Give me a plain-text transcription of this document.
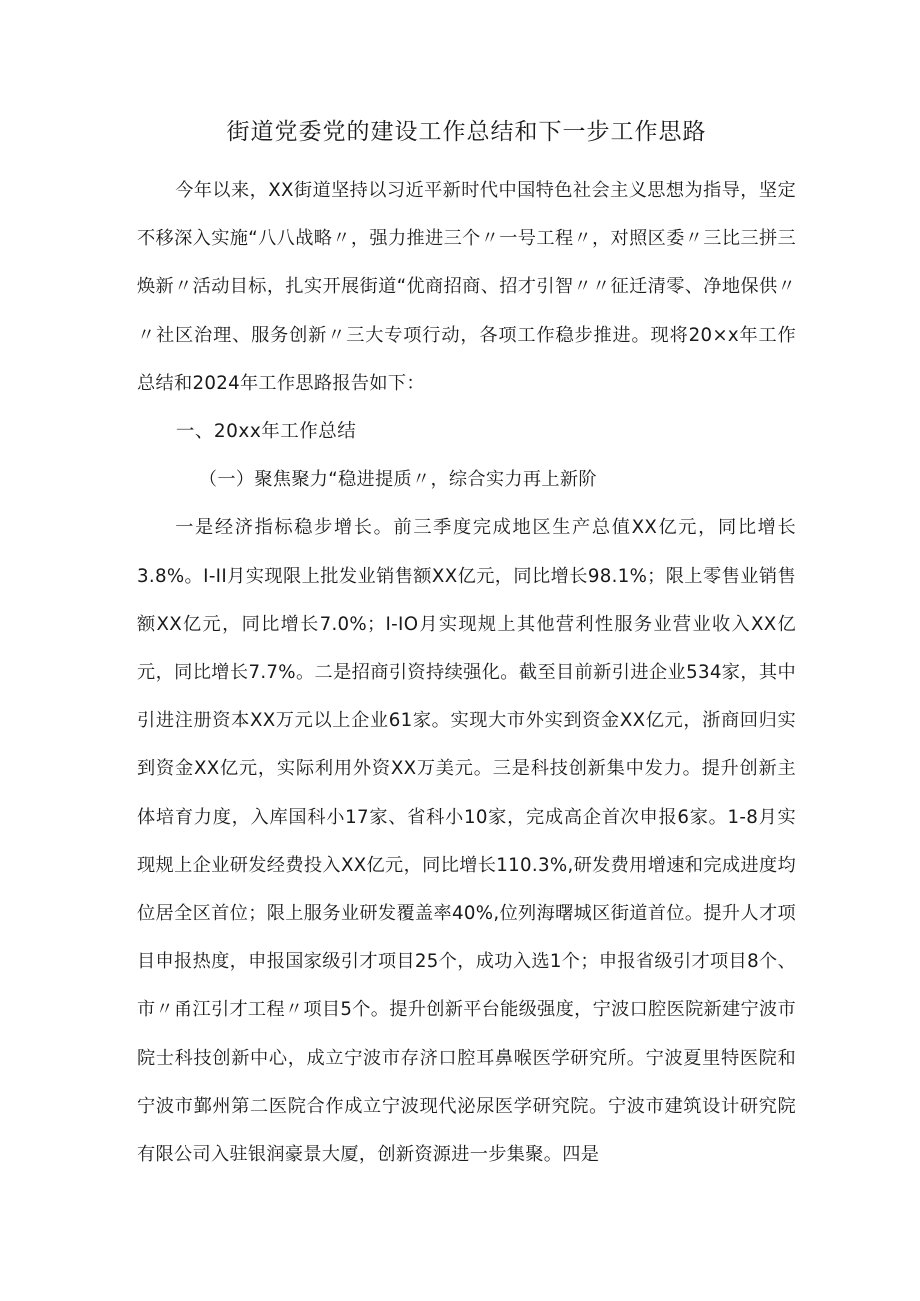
街道党委党的建设工作总结和下一步工作思路

今年以来，XX街道坚持以习近平新时代中国特色社会主义思想为指导，坚定不移深入实施“八八战略〃，强力推进三个〃一号工程〃，对照区委〃三比三拼三焕新〃活动目标，扎实开展街道“优商招商、招才引智〃〃征迁清零、净地保供〃〃社区治理、服务创新〃三大专项行动，各项工作稳步推进。现将20×x年工作总结和2024年工作思路报告如下：

一、20xx年工作总结

（一）聚焦聚力“稳进提质〃，综合实力再上新阶

一是经济指标稳步增长。前三季度完成地区生产总值XX亿元，同比增长3.8%。I-II月实现限上批发业销售额XX亿元，同比增长98.1%；限上零售业销售额XX亿元，同比增长7.0%；I-IO月实现规上其他营利性服务业营业收入XX亿元，同比增长7.7%。二是招商引资持续强化。截至目前新引进企业534家，其中引进注册资本XX万元以上企业61家。实现大市外实到资金XX亿元，浙商回归实到资金XX亿元，实际利用外资XX万美元。三是科技创新集中发力。提升创新主体培育力度，入库国科小17家、省科小10家，完成高企首次申报6家。1-8月实现规上企业研发经费投入XX亿元，同比增长110.3%,研发费用增速和完成进度均位居全区首位；限上服务业研发覆盖率40%,位列海曙城区街道首位。提升人才项目申报热度，申报国家级引才项目25个，成功入选1个；申报省级引才项目8个、市〃甬江引才工程〃项目5个。提升创新平台能级强度，宁波口腔医院新建宁波市院士科技创新中心，成立宁波市存济口腔耳鼻喉医学研究所。宁波夏里特医院和宁波市鄞州第二医院合作成立宁波现代泌尿医学研究院。宁波市建筑设计研究院有限公司入驻银润豪景大厦，创新资源进一步集聚。四是
